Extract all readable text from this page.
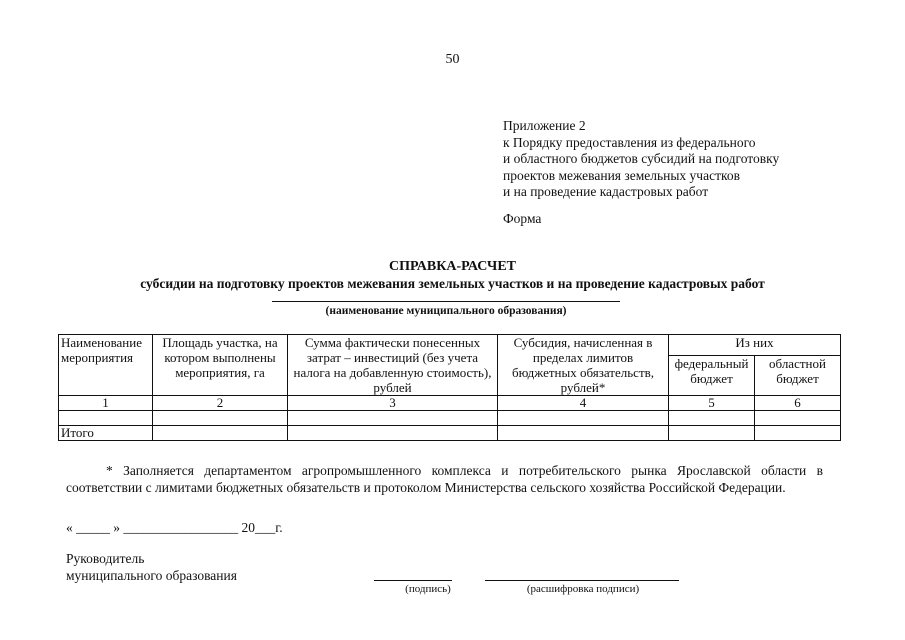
50
Приложение 2
к Порядку предоставления из федерального
и областного бюджетов субсидий на подготовку
проектов межевания земельных участков
и на проведение кадастровых работ
Форма
СПРАВКА-РАСЧЕТ
субсидии на подготовку проектов межевания земельных участков и на проведение кадастровых работ
(наименование муниципального образования)
Наименование мероприятия	Площадь участка, на котором выполнены мероприятия, га	Сумма фактически понесенных затрат – инвестиций (без учета налога на добавленную стоимость), рублей	Субсидия, начисленная в пределах лимитов бюджетных обязательств, рублей*	Из них	
				федеральный бюджет	областной бюджет
1	2	3	4	5	6

Итого					
* Заполняется департаментом агропромышленного комплекса и потребительского рынка Ярославской области в соответствии с лимитами бюджетных обязательств и протоколом Министерства сельского хозяйства Российской Федерации.
« _____ » _________________ 20___г.
Руководитель
муниципального образования
(подпись)	(расшифровка подписи)
